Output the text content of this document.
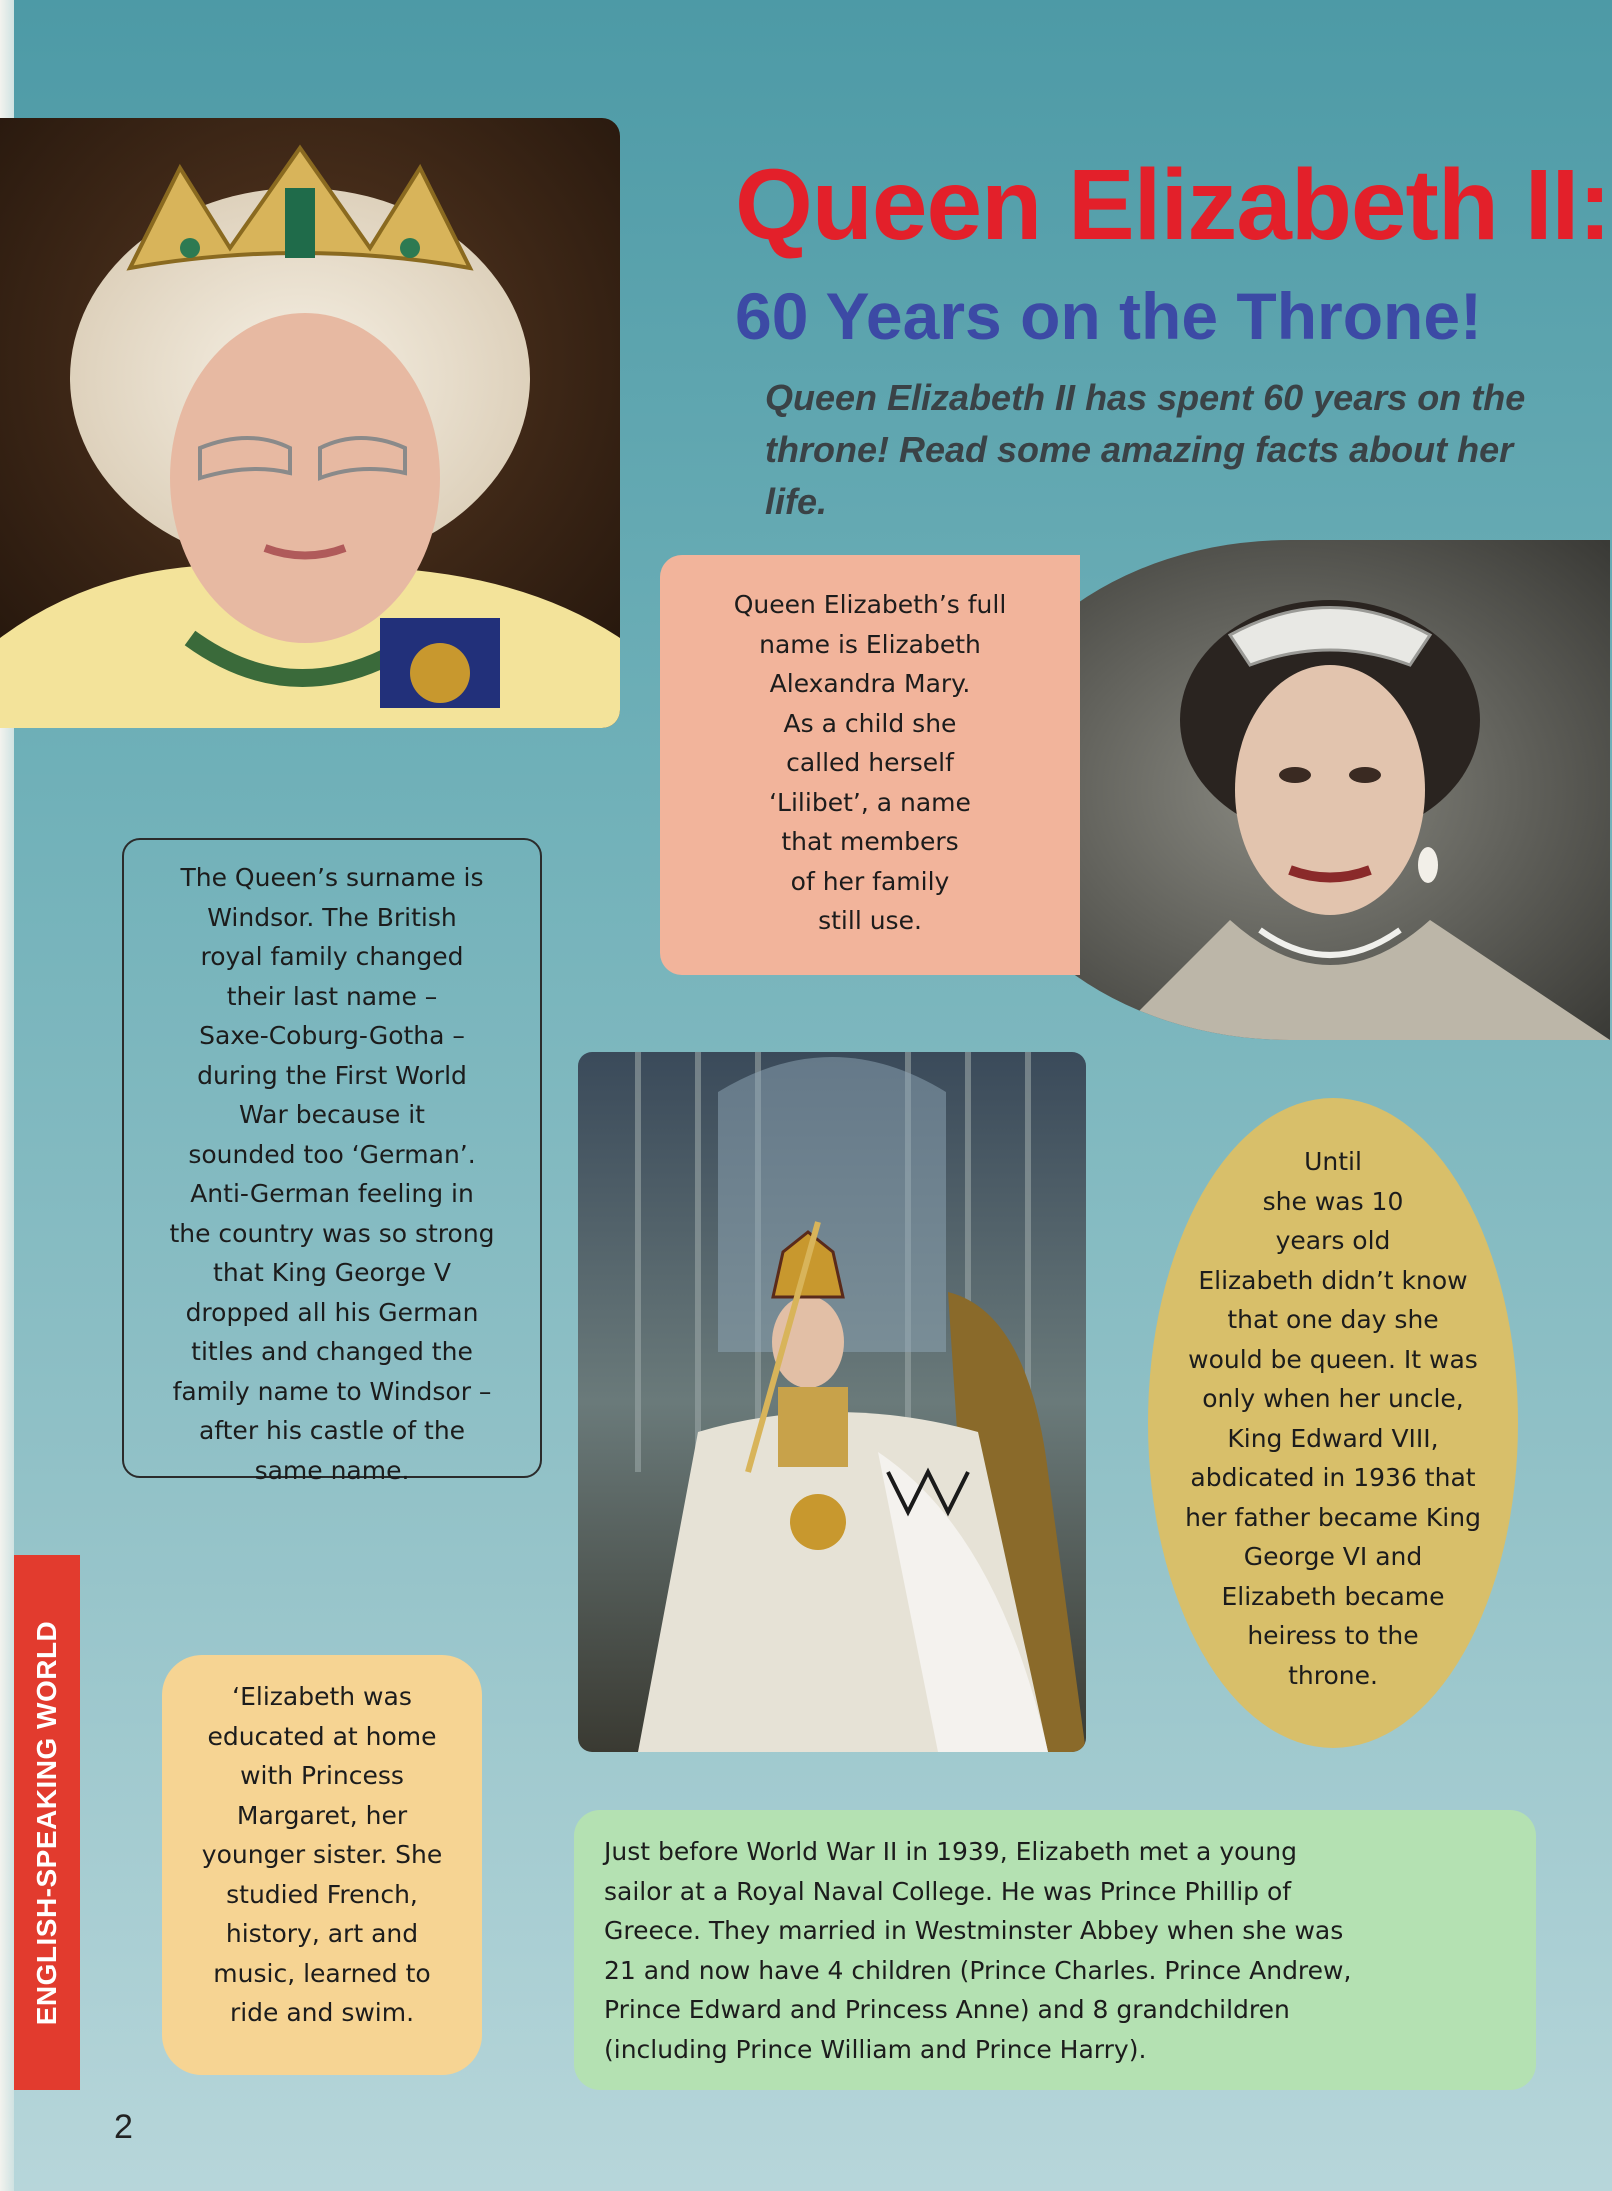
Queen Elizabeth II:
60 Years on the Throne!
Queen Elizabeth II has spent 60 years on the throne! Read some amazing facts about her life.
Queen Elizabeth’s full
name is Elizabeth
Alexandra Mary.
As a child she
called herself
‘Lilibet’, a name
that members
of her family
still use.
The Queen’s surname is
Windsor. The British
royal family changed
their last name –
Saxe-Coburg-Gotha –
during the First World
War because it
sounded too ‘German’.
Anti-German feeling in
the country was so strong
that King George V
dropped all his German
titles and changed the
family name to Windsor –
after his castle of the
same name.
Until
she was 10
years old
Elizabeth didn’t know
that one day she
would be queen. It was
only when her uncle,
King Edward VIII,
abdicated in 1936 that
her father became King
George VI and
Elizabeth became
heiress to the
throne.
‘Elizabeth was
educated at home
with Princess
Margaret, her
younger sister. She
studied French,
history, art and
music, learned to
ride and swim.
Just before World War II in 1939, Elizabeth met a young
sailor at a Royal Naval College. He was Prince Phillip of
Greece. They married in Westminster Abbey when she was
21 and now have 4 children (Prince Charles. Prince Andrew,
Prince Edward and Princess Anne) and 8 grandchildren
(including Prince William and Prince Harry).
ENGLISH-SPEAKING WORLD
2
